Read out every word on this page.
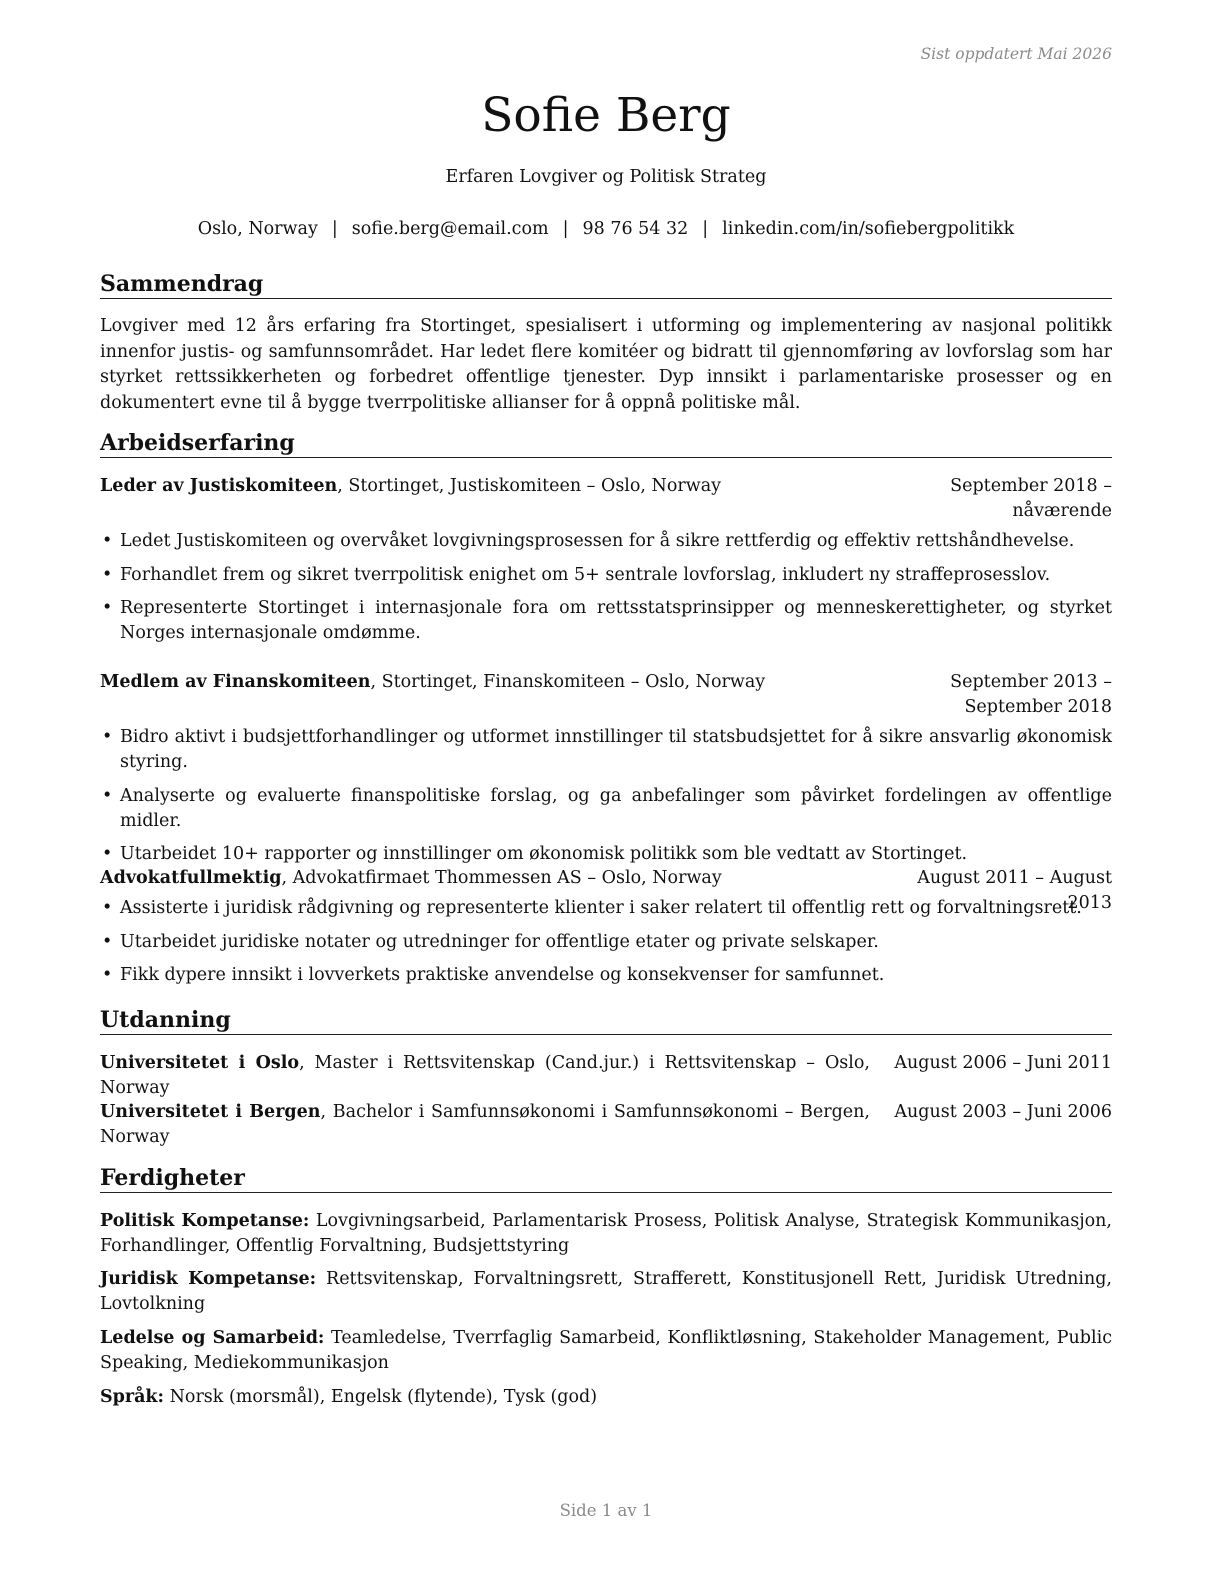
Sist oppdatert Mai 2026
Sofie Berg
Erfaren Lovgiver og Politisk Strateg
Oslo, Norway | sofie.berg@email.com | 98 76 54 32 | linkedin.com/in/sofiebergpolitikk
Sammendrag
Lovgiver med 12 års erfaring fra Stortinget, spesialisert i utforming og implementering av nasjonal politikk innenfor justis- og samfunnsområdet. Har ledet flere komitéer og bidratt til gjennomføring av lovforslag som har styrket rettssikkerheten og forbedret offentlige tjenester. Dyp innsikt i parlamentariske prosesser og en dokumentert evne til å bygge tverrpolitiske allianser for å oppnå politiske mål.
Arbeidserfaring
Leder av Justiskomiteen, Stortinget, Justiskomiteen – Oslo, Norway	September 2018 – nåværende
• Ledet Justiskomiteen og overvåket lovgivningsprosessen for å sikre rettferdig og effektiv rettshåndhevelse.
• Forhandlet frem og sikret tverrpolitisk enighet om 5+ sentrale lovforslag, inkludert ny straffeprosesslov.
• Representerte Stortinget i internasjonale fora om rettsstatsprinsipper og menneskerettigheter, og styrket Norges internasjonale omdømme.
Medlem av Finanskomiteen, Stortinget, Finanskomiteen – Oslo, Norway	September 2013 – September 2018
• Bidro aktivt i budsjettforhandlinger og utformet innstillinger til statsbudsjettet for å sikre ansvarlig økonomisk styring.
• Analyserte og evaluerte finanspolitiske forslag, og ga anbefalinger som påvirket fordelingen av offentlige midler.
• Utarbeidet 10+ rapporter og innstillinger om økonomisk politikk som ble vedtatt av Stortinget.
Advokatfullmektig, Advokatfirmaet Thommessen AS – Oslo, Norway	August 2011 – August 2013
• Assisterte i juridisk rådgivning og representerte klienter i saker relatert til offentlig rett og forvaltningsrett.
• Utarbeidet juridiske notater og utredninger for offentlige etater og private selskaper.
• Fikk dypere innsikt i lovverkets praktiske anvendelse og konsekvenser for samfunnet.
Utdanning
Universitetet i Oslo, Master i Rettsvitenskap (Cand.jur.) i Rettsvitenskap – Oslo, Norway
August 2006 – Juni 2011
Universitetet i Bergen, Bachelor i Samfunnsøkonomi i Samfunnsøkonomi – Bergen, Norway
August 2003 – Juni 2006
Ferdigheter
Politisk Kompetanse: Lovgivningsarbeid, Parlamentarisk Prosess, Politisk Analyse, Strategisk Kommunikasjon, Forhandlinger, Offentlig Forvaltning, Budsjettstyring
Juridisk Kompetanse: Rettsvitenskap, Forvaltningsrett, Strafferett, Konstitusjonell Rett, Juridisk Utredning, Lovtolkning
Ledelse og Samarbeid: Teamledelse, Tverrfaglig Samarbeid, Konfliktløsning, Stakeholder Management, Public Speaking, Mediekommunikasjon
Språk: Norsk (morsmål), Engelsk (flytende), Tysk (god)
Side 1 av 1
